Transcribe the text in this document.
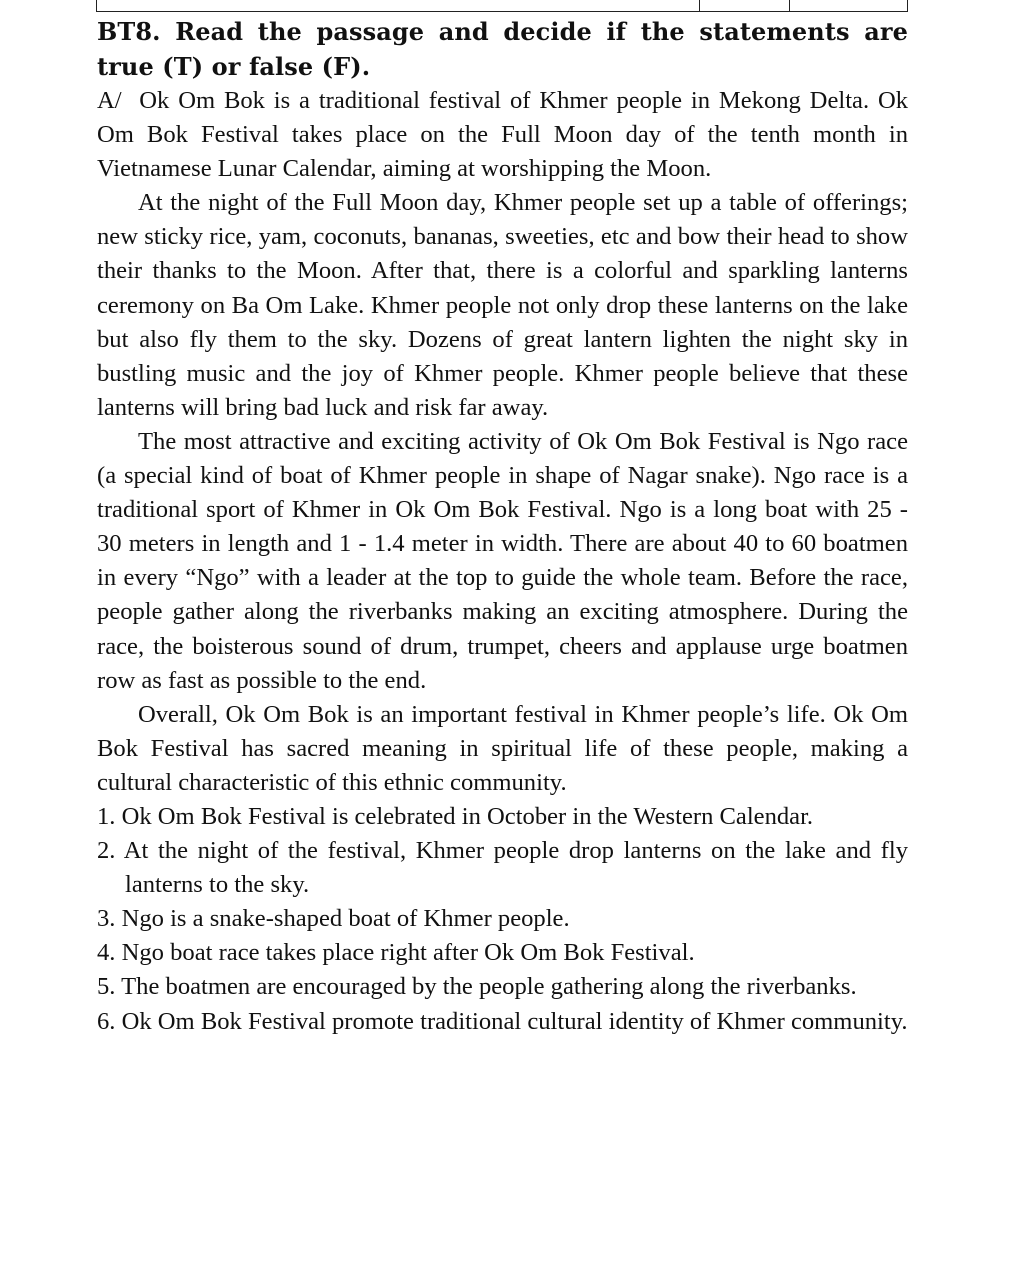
BT8. Read the passage and decide if the statements are true (T) or false (F).

A/ Ok Om Bok is a traditional festival of Khmer people in Mekong Delta. Ok Om Bok Festival takes place on the Full Moon day of the tenth month in Vietnamese Lunar Calendar, aiming at worshipping the Moon.

At the night of the Full Moon day, Khmer people set up a table of offerings; new sticky rice, yam, coconuts, bananas, sweeties, etc and bow their head to show their thanks to the Moon. After that, there is a colorful and sparkling lanterns ceremony on Ba Om Lake. Khmer people not only drop these lanterns on the lake but also fly them to the sky. Dozens of great lantern lighten the night sky in bustling music and the joy of Khmer people. Khmer people believe that these lanterns will bring bad luck and risk far away.

The most attractive and exciting activity of Ok Om Bok Festival is Ngo race (a special kind of boat of Khmer people in shape of Nagar snake). Ngo race is a traditional sport of Khmer in Ok Om Bok Festival. Ngo is a long boat with 25 - 30 meters in length and 1 - 1.4 meter in width. There are about 40 to 60 boatmen in every “Ngo” with a leader at the top to guide the whole team. Before the race, people gather along the riverbanks making an exciting atmosphere. During the race, the boisterous sound of drum, trumpet, cheers and applause urge boatmen row as fast as possible to the end.

Overall, Ok Om Bok is an important festival in Khmer people’s life. Ok Om Bok Festival has sacred meaning in spiritual life of these people, making a cultural characteristic of this ethnic community.

1. Ok Om Bok Festival is celebrated in October in the Western Calendar.

2. At the night of the festival, Khmer people drop lanterns on the lake and fly lanterns to the sky.

3. Ngo is a snake-shaped boat of Khmer people.

4. Ngo boat race takes place right after Ok Om Bok Festival.

5. The boatmen are encouraged by the people gathering along the riverbanks.

6. Ok Om Bok Festival promote traditional cultural identity of Khmer community.
